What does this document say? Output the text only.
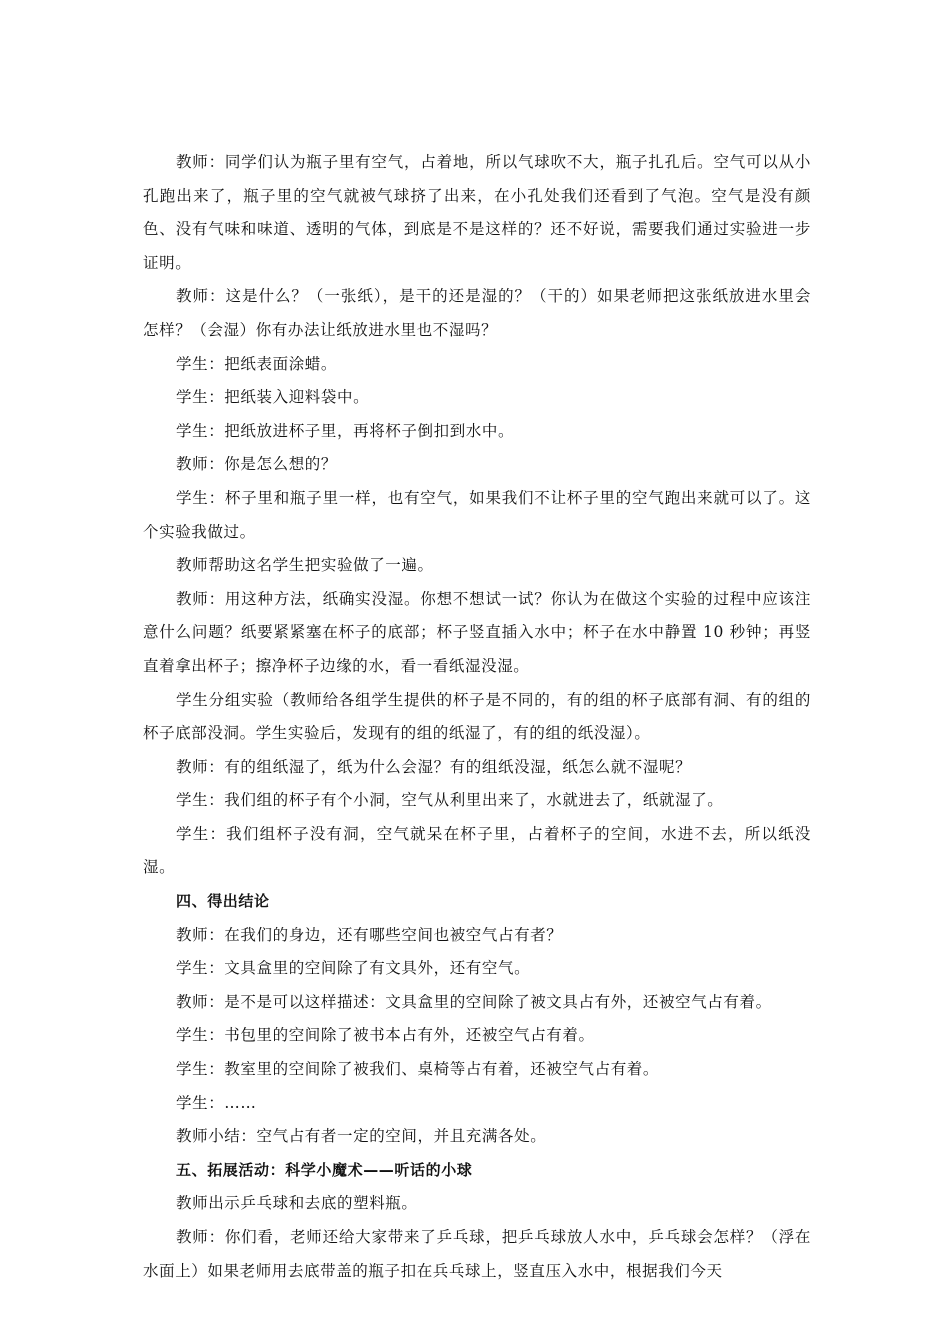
教师：同学们认为瓶子里有空气，占着地，所以气球吹不大，瓶子扎孔后。空气可以从小孔跑出来了，瓶子里的空气就被气球挤了出来，在小孔处我们还看到了气泡。空气是没有颜色、没有气味和味道、透明的气体，到底是不是这样的？还不好说，需要我们通过实验进一步证明。

教师：这是什么？（一张纸），是干的还是湿的？（干的）如果老师把这张纸放进水里会怎样？（会湿）你有办法让纸放进水里也不湿吗？

学生：把纸表面涂蜡。

学生：把纸装入迎料袋中。

学生：把纸放进杯子里，再将杯子倒扣到水中。

教师：你是怎么想的？

学生：杯子里和瓶子里一样，也有空气，如果我们不让杯子里的空气跑出来就可以了。这个实验我做过。

教师帮助这名学生把实验做了一遍。

教师：用这种方法，纸确实没湿。你想不想试一试？你认为在做这个实验的过程中应该注意什么问题？纸要紧紧塞在杯子的底部；杯子竖直插入水中；杯子在水中静置 10 秒钟；再竖直着拿出杯子；擦净杯子边缘的水，看一看纸湿没湿。

学生分组实验（教师给各组学生提供的杯子是不同的，有的组的杯子底部有洞、有的组的杯子底部没洞。学生实验后，发现有的组的纸湿了，有的组的纸没湿）。

教师：有的组纸湿了，纸为什么会湿？有的组纸没湿，纸怎么就不湿呢？

学生：我们组的杯子有个小洞，空气从利里出来了，水就进去了，纸就湿了。

学生：我们组杯子没有洞，空气就呆在杯子里，占着杯子的空间，水进不去，所以纸没湿。

四、得出结论

教师：在我们的身边，还有哪些空间也被空气占有者？

学生：文具盒里的空间除了有文具外，还有空气。

教师：是不是可以这样描述：文具盒里的空间除了被文具占有外，还被空气占有着。

学生：书包里的空间除了被书本占有外，还被空气占有着。

学生：教室里的空间除了被我们、桌椅等占有着，还被空气占有着。

学生：……

教师小结：空气占有者一定的空间，并且充满各处。

五、拓展活动：科学小魔术——听话的小球

教师出示乒乓球和去底的塑料瓶。

教师：你们看，老师还给大家带来了乒乓球，把乒乓球放人水中，乒乓球会怎样？（浮在水面上）如果老师用去底带盖的瓶子扣在兵乓球上，竖直压入水中，根据我们今天
